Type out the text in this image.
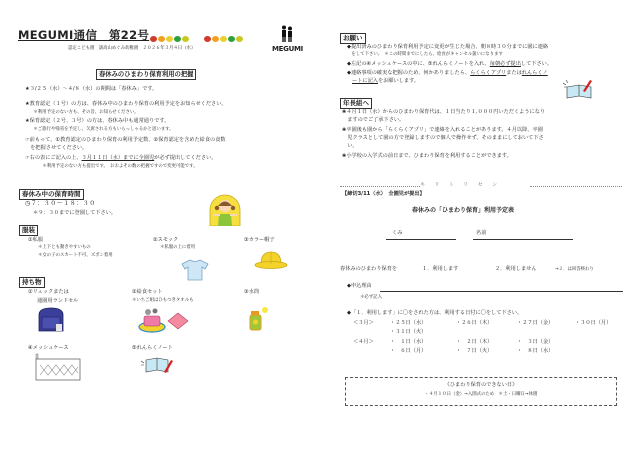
MEGUMI通信　第22号

認定こども園　訓高山めぐみ幼稚園　２０２６年３月４日（水）	MEGUMI
春休みのひまわり保育利用の把握
★３/２５（水）～４/８（水）の期間は「春休み」です。
★教育認定（１号）の方は、春休み中のひまわり保育の利用予定をお知らせください。
　＊利用予定のない方も、その旨、お知らせください。
★保育認定（２号、３号）の方は、春休み中も通常通りです。
　＊ご旅行や帰省を予定し、欠席される方もいらっしゃるかと思います。
☞前もって、①教育認定のひまわり保育の利用予定数、②保育認定を含めた給食の食数
　を把握させてください。
☞右の表にご記入の上、３月１１日（水）までに全園児が必ず提出してください。
　＊利用予定のない方も提出です。　おおよその数の把握ですので変更可能です。
春休み中の保育時間
◷７：３０～１８：３０
＊９：３０までに登園して下さい。
服装
①私服
＊上下とも動きやすいもの
＊女の子のスカート不可、ズボン着用
②スモック
＊私服の上に着用
③カラー帽子
持ち物
①リュックまたは
通園用ランドセル
②給食セット
＊いちご組はひもつきタオルも
③水筒
④メッシュケース	⑤れんらくノート
お願い
◆提出済みのひまわり保育利用予定に変更が生じた場合、朝８時３０分までに園に連絡
　をして下さい。　＊この時間までにしたら、給食がキャンセル扱いになります
◆左記の④メッシュケースの中に、⑤れんらくノートを入れ、毎朝必ず提出して下さい。
◆連絡事項の確実な把握のため、何かありましたら、らくらくアプリまたはれんらくノ
ートに記入をお願いします。
年長組へ
❀４月１日（水）からのひまわり保育代は、１日当たり１,０００円いただくようになり
　ますのでご了承下さい。
❀卒園後も園から「らくらくアプリ」で連絡を入れることがあります。４月以降、卒園
　児クラスとして園の方で登録しますので個人で操作せず、そのままにしておいて下さ
　い。
❀小学校の入学式の前日まで、ひまわり保育を利用することができます。
キ　リ　ト　リ　セ　ン
【締切3/11（水）　全園児が提出】
春休みの「ひまわり保育」利用予定表
くみ	名前
春休みのひまわり保育を	１．利用します	２．利用しません	→２．は回答終わり
◆申込理由
＊必ず記入
◆「１．利用します」に〇をされた方は、利用する日付に〇をして下さい。
＜３月＞	・２５日（水）	・２６日（木）	・２７日（金）	・３０日（月）
・３１日（火）
＜４月＞	・　１日（水）	・　２日（木）	・　３日（金）
・　６日（月）	・　７日（火）	・　８日（水）
《ひまわり保育のできない日》
・４月１０日（金）→入園式のため　＊土・日曜日→休園
